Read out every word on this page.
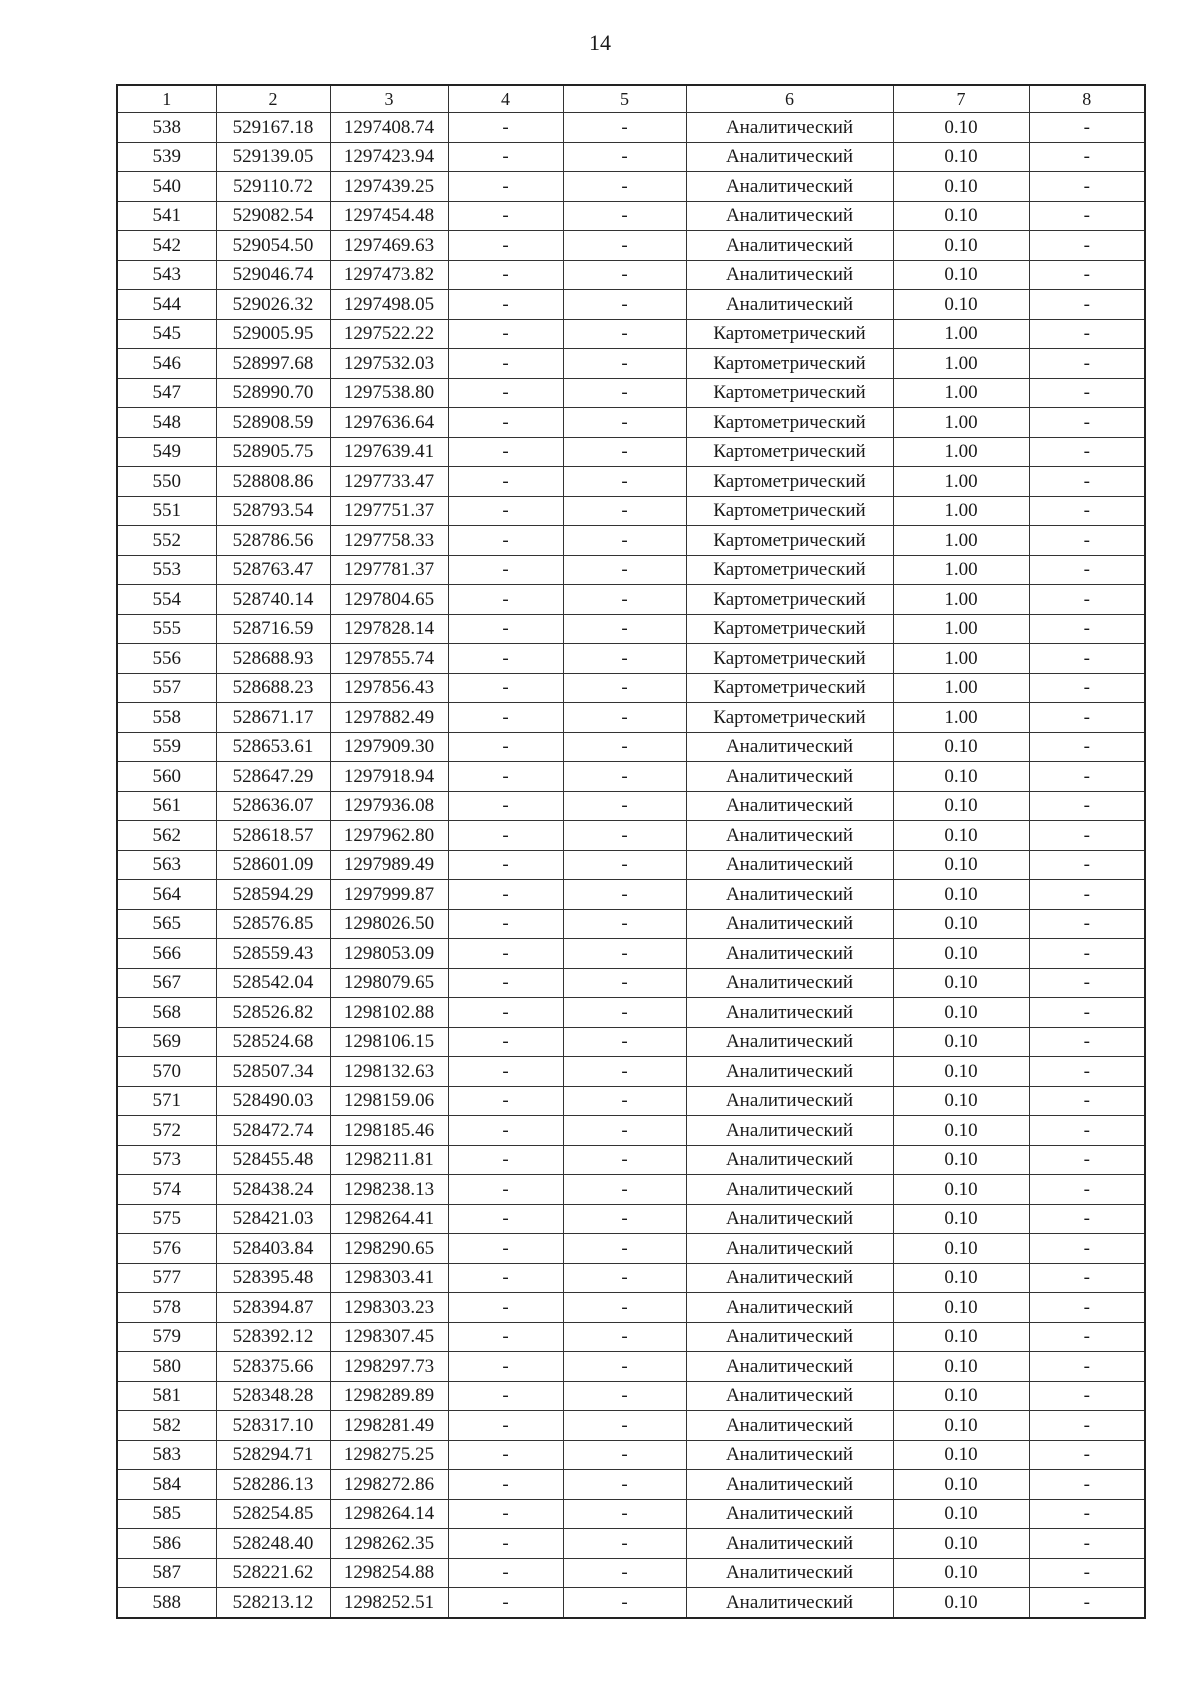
14
1	2	3	4	5	6	7	8
538	529167.18	1297408.74	-	-	Аналитический	0.10	-
539	529139.05	1297423.94	-	-	Аналитический	0.10	-
540	529110.72	1297439.25	-	-	Аналитический	0.10	-
541	529082.54	1297454.48	-	-	Аналитический	0.10	-
542	529054.50	1297469.63	-	-	Аналитический	0.10	-
543	529046.74	1297473.82	-	-	Аналитический	0.10	-
544	529026.32	1297498.05	-	-	Аналитический	0.10	-
545	529005.95	1297522.22	-	-	Картометрический	1.00	-
546	528997.68	1297532.03	-	-	Картометрический	1.00	-
547	528990.70	1297538.80	-	-	Картометрический	1.00	-
548	528908.59	1297636.64	-	-	Картометрический	1.00	-
549	528905.75	1297639.41	-	-	Картометрический	1.00	-
550	528808.86	1297733.47	-	-	Картометрический	1.00	-
551	528793.54	1297751.37	-	-	Картометрический	1.00	-
552	528786.56	1297758.33	-	-	Картометрический	1.00	-
553	528763.47	1297781.37	-	-	Картометрический	1.00	-
554	528740.14	1297804.65	-	-	Картометрический	1.00	-
555	528716.59	1297828.14	-	-	Картометрический	1.00	-
556	528688.93	1297855.74	-	-	Картометрический	1.00	-
557	528688.23	1297856.43	-	-	Картометрический	1.00	-
558	528671.17	1297882.49	-	-	Картометрический	1.00	-
559	528653.61	1297909.30	-	-	Аналитический	0.10	-
560	528647.29	1297918.94	-	-	Аналитический	0.10	-
561	528636.07	1297936.08	-	-	Аналитический	0.10	-
562	528618.57	1297962.80	-	-	Аналитический	0.10	-
563	528601.09	1297989.49	-	-	Аналитический	0.10	-
564	528594.29	1297999.87	-	-	Аналитический	0.10	-
565	528576.85	1298026.50	-	-	Аналитический	0.10	-
566	528559.43	1298053.09	-	-	Аналитический	0.10	-
567	528542.04	1298079.65	-	-	Аналитический	0.10	-
568	528526.82	1298102.88	-	-	Аналитический	0.10	-
569	528524.68	1298106.15	-	-	Аналитический	0.10	-
570	528507.34	1298132.63	-	-	Аналитический	0.10	-
571	528490.03	1298159.06	-	-	Аналитический	0.10	-
572	528472.74	1298185.46	-	-	Аналитический	0.10	-
573	528455.48	1298211.81	-	-	Аналитический	0.10	-
574	528438.24	1298238.13	-	-	Аналитический	0.10	-
575	528421.03	1298264.41	-	-	Аналитический	0.10	-
576	528403.84	1298290.65	-	-	Аналитический	0.10	-
577	528395.48	1298303.41	-	-	Аналитический	0.10	-
578	528394.87	1298303.23	-	-	Аналитический	0.10	-
579	528392.12	1298307.45	-	-	Аналитический	0.10	-
580	528375.66	1298297.73	-	-	Аналитический	0.10	-
581	528348.28	1298289.89	-	-	Аналитический	0.10	-
582	528317.10	1298281.49	-	-	Аналитический	0.10	-
583	528294.71	1298275.25	-	-	Аналитический	0.10	-
584	528286.13	1298272.86	-	-	Аналитический	0.10	-
585	528254.85	1298264.14	-	-	Аналитический	0.10	-
586	528248.40	1298262.35	-	-	Аналитический	0.10	-
587	528221.62	1298254.88	-	-	Аналитический	0.10	-
588	528213.12	1298252.51	-	-	Аналитический	0.10	-
